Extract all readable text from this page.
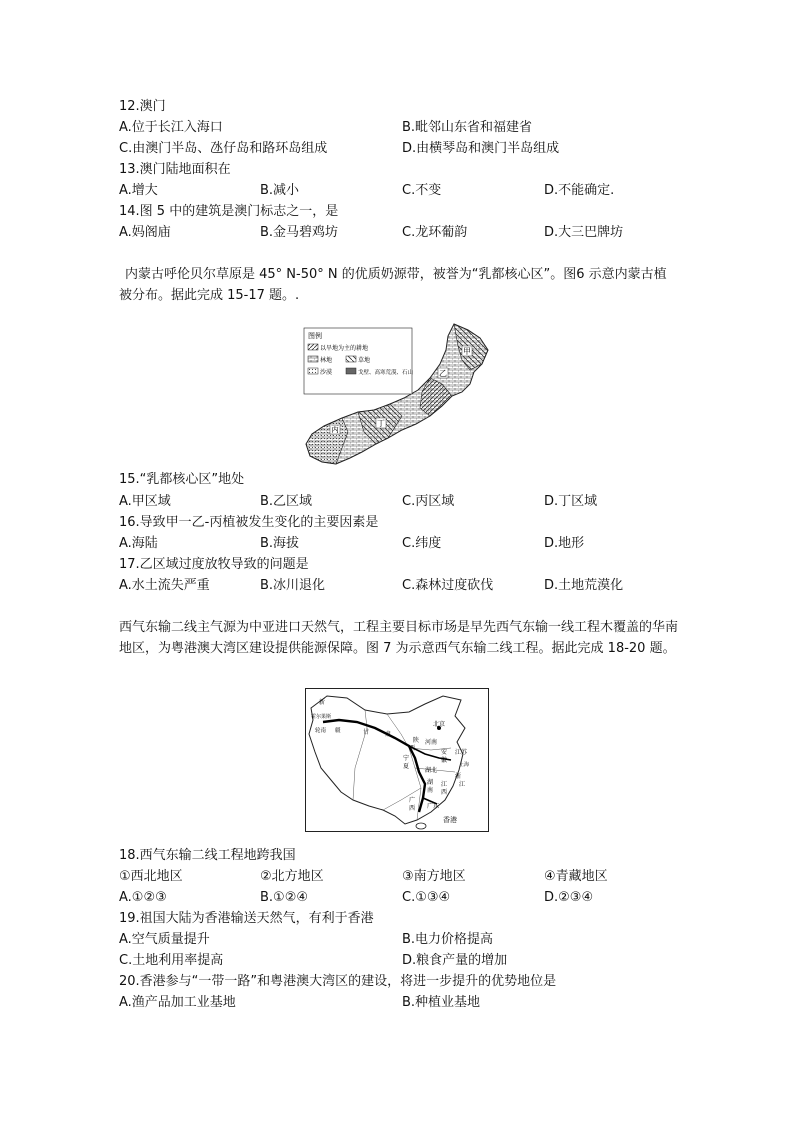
12.澳门
A.位于长江入海口	B.毗邻山东省和福建省
C.由澳门半岛、氹仔岛和路环岛组成	D.由横琴岛和澳门半岛组成
13.澳门陆地面积在
A.增大	B.减小	C.不变	D.不能确定.
14.图 5 中的建筑是澳门标志之一，是
A.妈阁庙	B.金马碧鸡坊	C.龙环葡韵	D.大三巴牌坊
内蒙古呼伦贝尔草原是 45° N-50° N 的优质奶源带，被誉为“乳都核心区”。图6 示意内蒙古植被分布。据此完成 15-17 题。.
图例
以旱地为主的耕地
林地	草地
沙漠	戈壁、高寒荒漠、石山
甲
乙
丙
丁
15.“乳都核心区”地处
A.甲区域	B.乙区域	C.丙区域	D.丁区域
16.导致甲一乙-丙植被发生变化的主要因素是
A.海陆	B.海拔	C.纬度	D.地形
17.乙区域过度放牧导致的问题是
A.水土流失严重	B.冰川退化	C.森林过度砍伐	D.土地荒漠化
西气东输二线主气源为中亚进口天然气，工程主要目标市场是早先西气东输一线工程木覆盖的华南地区，为粤港澳大湾区建设提供能源保障。图 7 为示意西气东输二线工程。据此完成 18-20 题。
新
霍尔果斯
轮南 疆	甘	肃
北京
陕
西
河南
宁
夏
安
徽
江苏
上海
湖北
浙
江
湖
南
江
西
广
西 广东
香港
18.西气东输二线工程地跨我国
①西北地区	②北方地区	③南方地区	④青藏地区
A.①②③	B.①②④	C.①③④	D.②③④
19.祖国大陆为香港输送天然气，有利于香港
A.空气质量提升	B.电力价格提高
C.土地利用率提高	D.粮食产量的增加
20.香港参与“一带一路”和粤港澳大湾区的建设，将进一步提升的优势地位是
A.渔产品加工业基地	B.种植业基地
